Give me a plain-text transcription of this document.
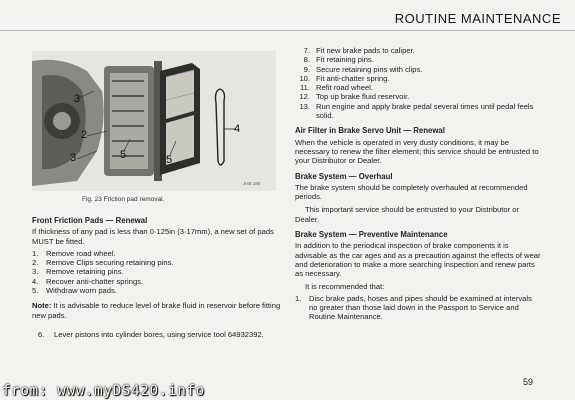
ROUTINE MAINTENANCE
3
2
3	5	5
4
JHB 185
Fig. 23 Friction pad removal.
Front Friction Pads — Renewal

If thickness of any pad is less than 0·125in (3·17mm), a new set of pads MUST be fitted.

1.	Remove road wheel.
2.	Remove Clips securing retaining pins.
3.	Remove retaining pins.
4.	Recover anti-chatter springs.
5.	Withdraw worn pads.

Note: It is advisable to reduce level of brake fluid in reservoir before fitting new pads.

6.	Lever pistons into cylinder bores, using service tool 64932392.
7. Fit new brake pads to caliper.
8. Fit retaining pins.
9. Secure retaining pins with clips.
10. Fit anti-chatter spring.
11. Refit road wheel.
12. Top up brake fluid reservoir.
13. Run engine and apply brake pedal several times until pedal feels solid.
Air Filter in Brake Servo Unit — Renewal

When the vehicle is operated in very dusty conditions, it may be necessary to renew the filter element; this service should be entrusted to your Distributor or Dealer.

Brake System — Overhaul

The brake system should be completely overhauled at recommended periods.

This important service should be entrusted to your Distributor or Dealer.

Brake System — Preventive Maintenance

In addition to the periodical inspection of brake components it is advisable as the car ages and as a precaution against the effects of wear and deterioration to make a more searching inspection and renew parts as necessary.

It is recommended that:

1.	Disc brake pads, hoses and pipes should be examined at intervals no greater than those laid down in the Passport to Service and Routine Maintenance.
59
from: www.myDS420.info
